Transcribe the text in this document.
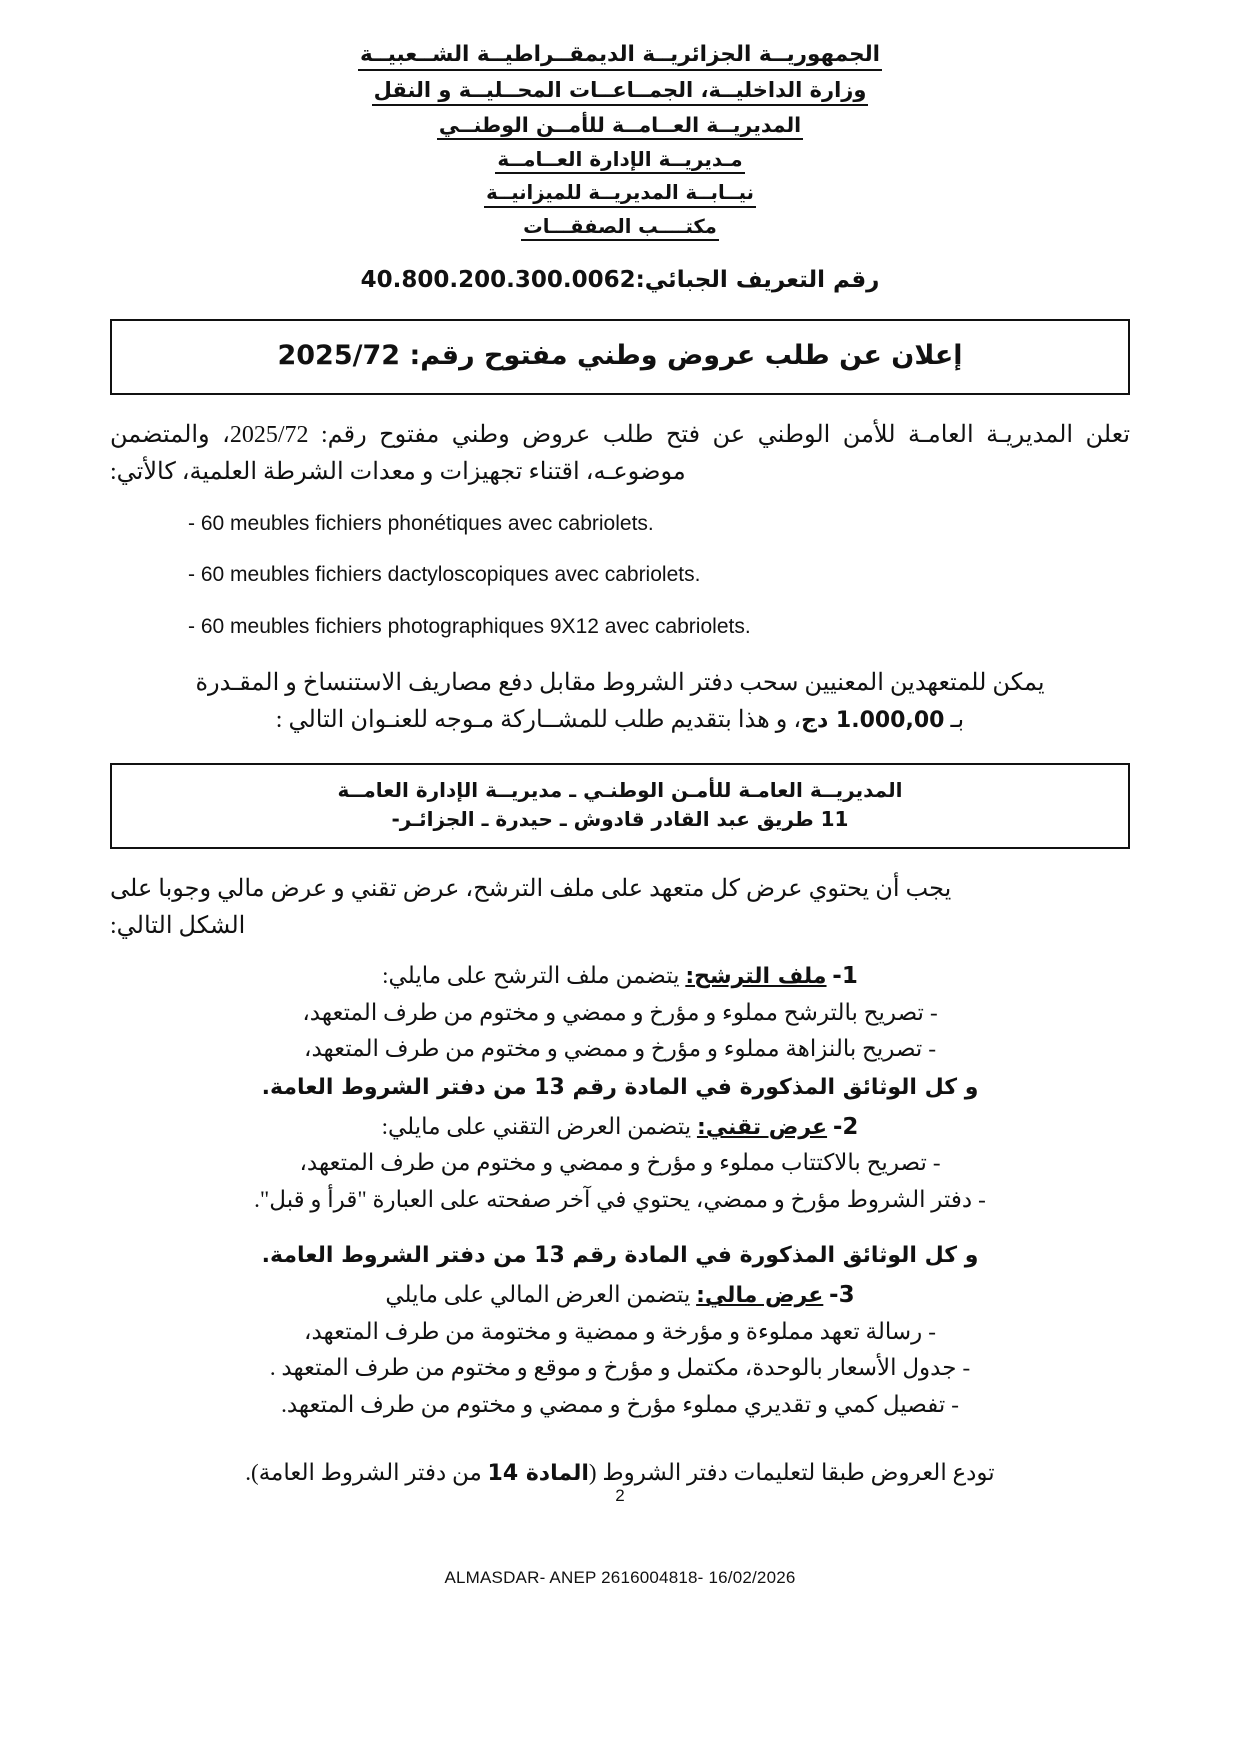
الجمهوريــة الجزائريــة الديمقــراطيــة الشــعبيــة
وزارة الداخليــة، الجمــاعــات المحــليــة و النقل
المديريــة العــامــة للأمــن الوطنــي
مـديريــة الإدارة العــامــة
نيــابــة المديريــة للميزانيــة
مكتــــب الصفقـــات
رقم التعريف الجبائي:40.800.200.300.0062
إعلان عن طلب عروض وطني مفتوح رقم: 2025/72
تعلن المديريـة العامـة للأمن الوطني عن فتح طلب عروض وطني مفتوح رقم: 2025/72، والمتضمن موضوعـه، اقتناء تجهيزات و معدات الشرطة العلمية، كالأتي:
- 60 meubles fichiers phonétiques avec cabriolets.
- 60 meubles fichiers dactyloscopiques avec cabriolets.
- 60 meubles fichiers photographiques 9X12 avec cabriolets.
يمكن للمتعهدين المعنيين سحب دفتر الشروط مقابل دفع مصاريف الاستنساخ و المقـدرة
بـ 1.000,00 دج، و هذا بتقديم طلب للمشــاركة مـوجه للعنـوان التالي :
المديريــة العامـة للأمـن الوطنـي ـ مديريــة الإدارة العامــة
11 طريق عبد القادر قادوش ـ حيدرة ـ الجزائـر-
يجب أن يحتوي عرض كل متعهد على ملف الترشح، عرض تقني و عرض مالي وجوبا على
الشكل التالي:
1- ملف الترشح: يتضمن ملف الترشح على مايلي:
-تصريح بالترشح مملوء و مؤرخ و ممضي و مختوم من طرف المتعهد،
-تصريح بالنزاهة مملوء و مؤرخ و ممضي و مختوم من طرف المتعهد،
و كل الوثائق المذكورة في المادة رقم 13 من دفتر الشروط العامة.
2- عرض تقني: يتضمن العرض التقني على مايلي:
-تصريح بالاكتتاب مملوء و مؤرخ و ممضي و مختوم من طرف المتعهد،
-دفتر الشروط مؤرخ و ممضي، يحتوي في آخر صفحته على العبارة "قرأ و قبل".
و كل الوثائق المذكورة في المادة رقم 13 من دفتر الشروط العامة.
3- عرض مالي: يتضمن العرض المالي على مايلي
-رسالة تعهد مملوءة و مؤرخة و ممضية و مختومة من طرف المتعهد،
-جدول الأسعار بالوحدة، مكتمل و مؤرخ و موقع و مختوم من طرف المتعهد .
-تفصيل كمي و تقديري مملوء مؤرخ و ممضي و مختوم من طرف المتعهد.
تودع العروض طبقا لتعليمات دفتر الشروط (المادة 14 من دفتر الشروط العامة).
2
ALMASDAR- ANEP 2616004818- 16/02/2026
